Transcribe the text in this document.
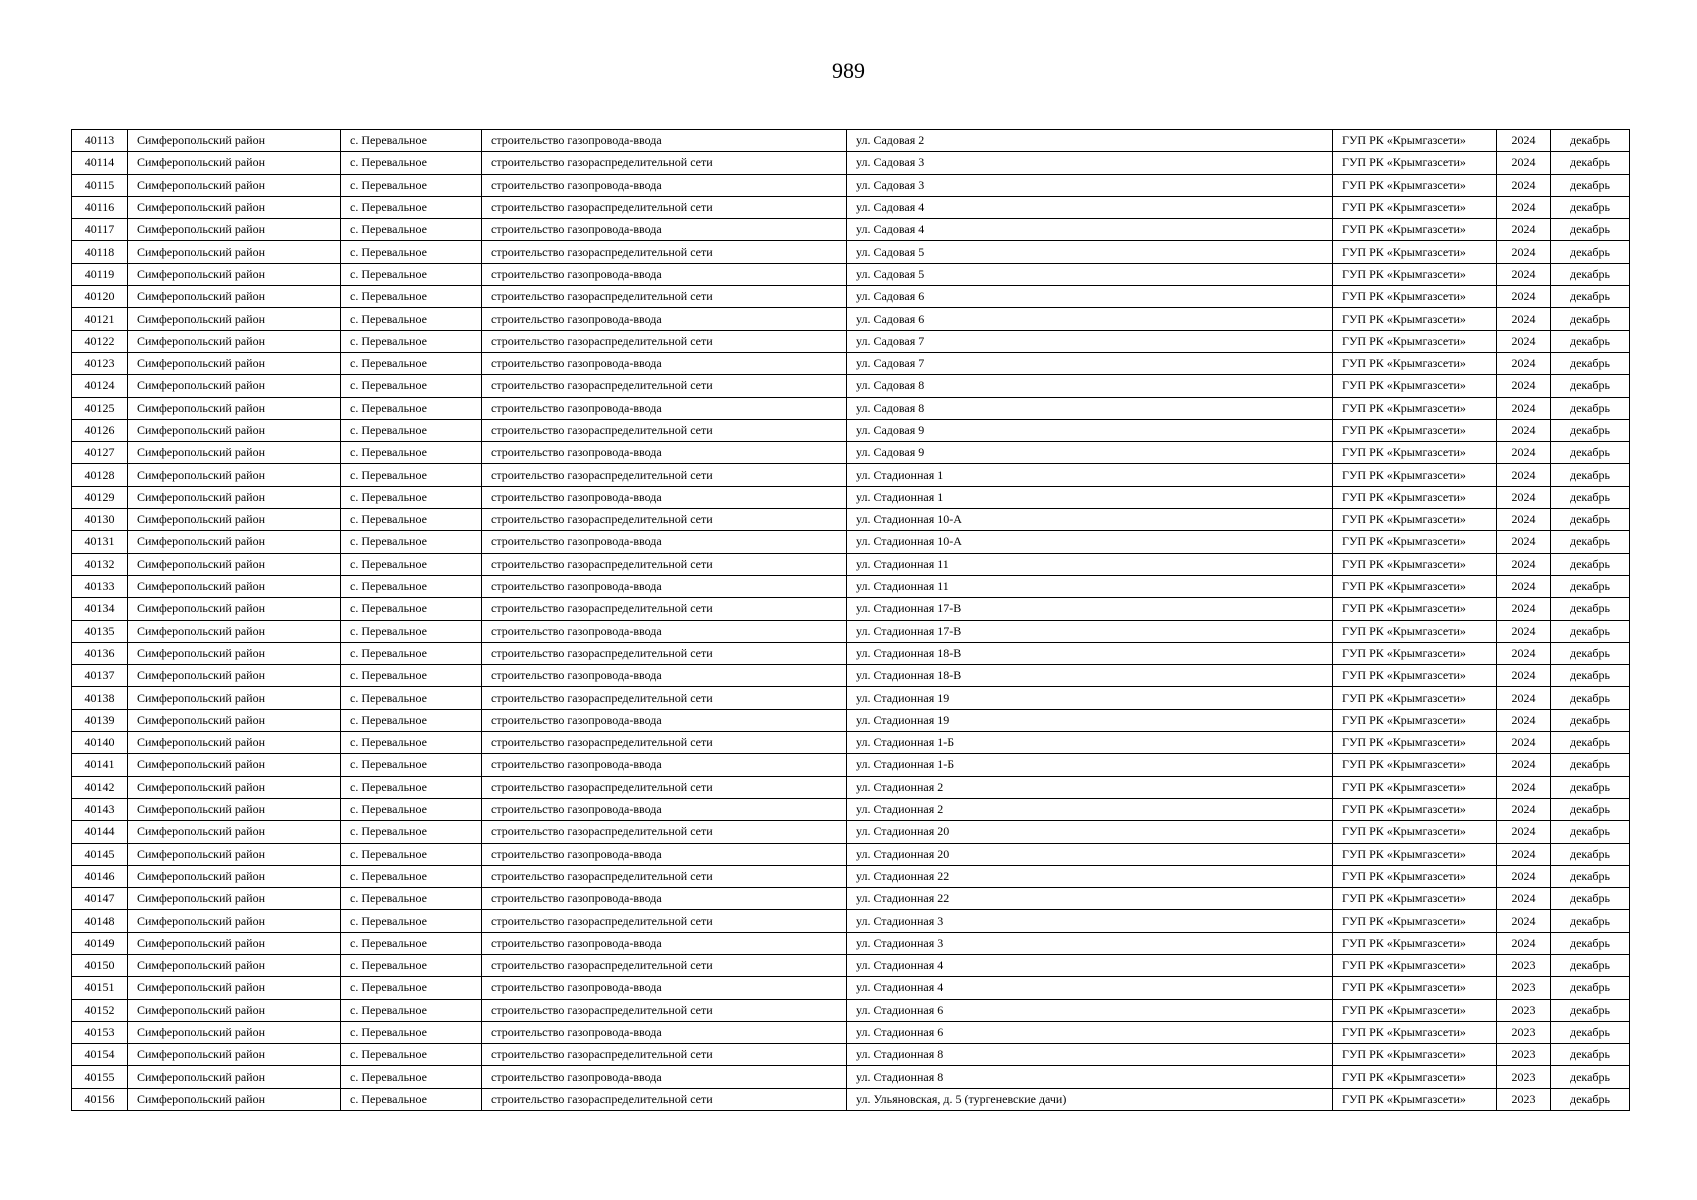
989
40113	Симферопольский район	с. Перевальное	строительство газопровода-ввода	ул. Садовая 2	ГУП РК «Крымгазсети»	2024	декабрь
40114	Симферопольский район	с. Перевальное	строительство газораспределительной сети	ул. Садовая 3	ГУП РК «Крымгазсети»	2024	декабрь
40115	Симферопольский район	с. Перевальное	строительство газопровода-ввода	ул. Садовая 3	ГУП РК «Крымгазсети»	2024	декабрь
40116	Симферопольский район	с. Перевальное	строительство газораспределительной сети	ул. Садовая 4	ГУП РК «Крымгазсети»	2024	декабрь
40117	Симферопольский район	с. Перевальное	строительство газопровода-ввода	ул. Садовая 4	ГУП РК «Крымгазсети»	2024	декабрь
40118	Симферопольский район	с. Перевальное	строительство газораспределительной сети	ул. Садовая 5	ГУП РК «Крымгазсети»	2024	декабрь
40119	Симферопольский район	с. Перевальное	строительство газопровода-ввода	ул. Садовая 5	ГУП РК «Крымгазсети»	2024	декабрь
40120	Симферопольский район	с. Перевальное	строительство газораспределительной сети	ул. Садовая 6	ГУП РК «Крымгазсети»	2024	декабрь
40121	Симферопольский район	с. Перевальное	строительство газопровода-ввода	ул. Садовая 6	ГУП РК «Крымгазсети»	2024	декабрь
40122	Симферопольский район	с. Перевальное	строительство газораспределительной сети	ул. Садовая 7	ГУП РК «Крымгазсети»	2024	декабрь
40123	Симферопольский район	с. Перевальное	строительство газопровода-ввода	ул. Садовая 7	ГУП РК «Крымгазсети»	2024	декабрь
40124	Симферопольский район	с. Перевальное	строительство газораспределительной сети	ул. Садовая 8	ГУП РК «Крымгазсети»	2024	декабрь
40125	Симферопольский район	с. Перевальное	строительство газопровода-ввода	ул. Садовая 8	ГУП РК «Крымгазсети»	2024	декабрь
40126	Симферопольский район	с. Перевальное	строительство газораспределительной сети	ул. Садовая 9	ГУП РК «Крымгазсети»	2024	декабрь
40127	Симферопольский район	с. Перевальное	строительство газопровода-ввода	ул. Садовая 9	ГУП РК «Крымгазсети»	2024	декабрь
40128	Симферопольский район	с. Перевальное	строительство газораспределительной сети	ул. Стадионная 1	ГУП РК «Крымгазсети»	2024	декабрь
40129	Симферопольский район	с. Перевальное	строительство газопровода-ввода	ул. Стадионная 1	ГУП РК «Крымгазсети»	2024	декабрь
40130	Симферопольский район	с. Перевальное	строительство газораспределительной сети	ул. Стадионная 10-А	ГУП РК «Крымгазсети»	2024	декабрь
40131	Симферопольский район	с. Перевальное	строительство газопровода-ввода	ул. Стадионная 10-А	ГУП РК «Крымгазсети»	2024	декабрь
40132	Симферопольский район	с. Перевальное	строительство газораспределительной сети	ул. Стадионная 11	ГУП РК «Крымгазсети»	2024	декабрь
40133	Симферопольский район	с. Перевальное	строительство газопровода-ввода	ул. Стадионная 11	ГУП РК «Крымгазсети»	2024	декабрь
40134	Симферопольский район	с. Перевальное	строительство газораспределительной сети	ул. Стадионная 17-В	ГУП РК «Крымгазсети»	2024	декабрь
40135	Симферопольский район	с. Перевальное	строительство газопровода-ввода	ул. Стадионная 17-В	ГУП РК «Крымгазсети»	2024	декабрь
40136	Симферопольский район	с. Перевальное	строительство газораспределительной сети	ул. Стадионная 18-В	ГУП РК «Крымгазсети»	2024	декабрь
40137	Симферопольский район	с. Перевальное	строительство газопровода-ввода	ул. Стадионная 18-В	ГУП РК «Крымгазсети»	2024	декабрь
40138	Симферопольский район	с. Перевальное	строительство газораспределительной сети	ул. Стадионная 19	ГУП РК «Крымгазсети»	2024	декабрь
40139	Симферопольский район	с. Перевальное	строительство газопровода-ввода	ул. Стадионная 19	ГУП РК «Крымгазсети»	2024	декабрь
40140	Симферопольский район	с. Перевальное	строительство газораспределительной сети	ул. Стадионная 1-Б	ГУП РК «Крымгазсети»	2024	декабрь
40141	Симферопольский район	с. Перевальное	строительство газопровода-ввода	ул. Стадионная 1-Б	ГУП РК «Крымгазсети»	2024	декабрь
40142	Симферопольский район	с. Перевальное	строительство газораспределительной сети	ул. Стадионная 2	ГУП РК «Крымгазсети»	2024	декабрь
40143	Симферопольский район	с. Перевальное	строительство газопровода-ввода	ул. Стадионная 2	ГУП РК «Крымгазсети»	2024	декабрь
40144	Симферопольский район	с. Перевальное	строительство газораспределительной сети	ул. Стадионная 20	ГУП РК «Крымгазсети»	2024	декабрь
40145	Симферопольский район	с. Перевальное	строительство газопровода-ввода	ул. Стадионная 20	ГУП РК «Крымгазсети»	2024	декабрь
40146	Симферопольский район	с. Перевальное	строительство газораспределительной сети	ул. Стадионная 22	ГУП РК «Крымгазсети»	2024	декабрь
40147	Симферопольский район	с. Перевальное	строительство газопровода-ввода	ул. Стадионная 22	ГУП РК «Крымгазсети»	2024	декабрь
40148	Симферопольский район	с. Перевальное	строительство газораспределительной сети	ул. Стадионная 3	ГУП РК «Крымгазсети»	2024	декабрь
40149	Симферопольский район	с. Перевальное	строительство газопровода-ввода	ул. Стадионная 3	ГУП РК «Крымгазсети»	2024	декабрь
40150	Симферопольский район	с. Перевальное	строительство газораспределительной сети	ул. Стадионная 4	ГУП РК «Крымгазсети»	2023	декабрь
40151	Симферопольский район	с. Перевальное	строительство газопровода-ввода	ул. Стадионная 4	ГУП РК «Крымгазсети»	2023	декабрь
40152	Симферопольский район	с. Перевальное	строительство газораспределительной сети	ул. Стадионная 6	ГУП РК «Крымгазсети»	2023	декабрь
40153	Симферопольский район	с. Перевальное	строительство газопровода-ввода	ул. Стадионная 6	ГУП РК «Крымгазсети»	2023	декабрь
40154	Симферопольский район	с. Перевальное	строительство газораспределительной сети	ул. Стадионная 8	ГУП РК «Крымгазсети»	2023	декабрь
40155	Симферопольский район	с. Перевальное	строительство газопровода-ввода	ул. Стадионная 8	ГУП РК «Крымгазсети»	2023	декабрь
40156	Симферопольский район	с. Перевальное	строительство газораспределительной сети	ул. Ульяновская, д. 5 (тургеневские дачи)	ГУП РК «Крымгазсети»	2023	декабрь
